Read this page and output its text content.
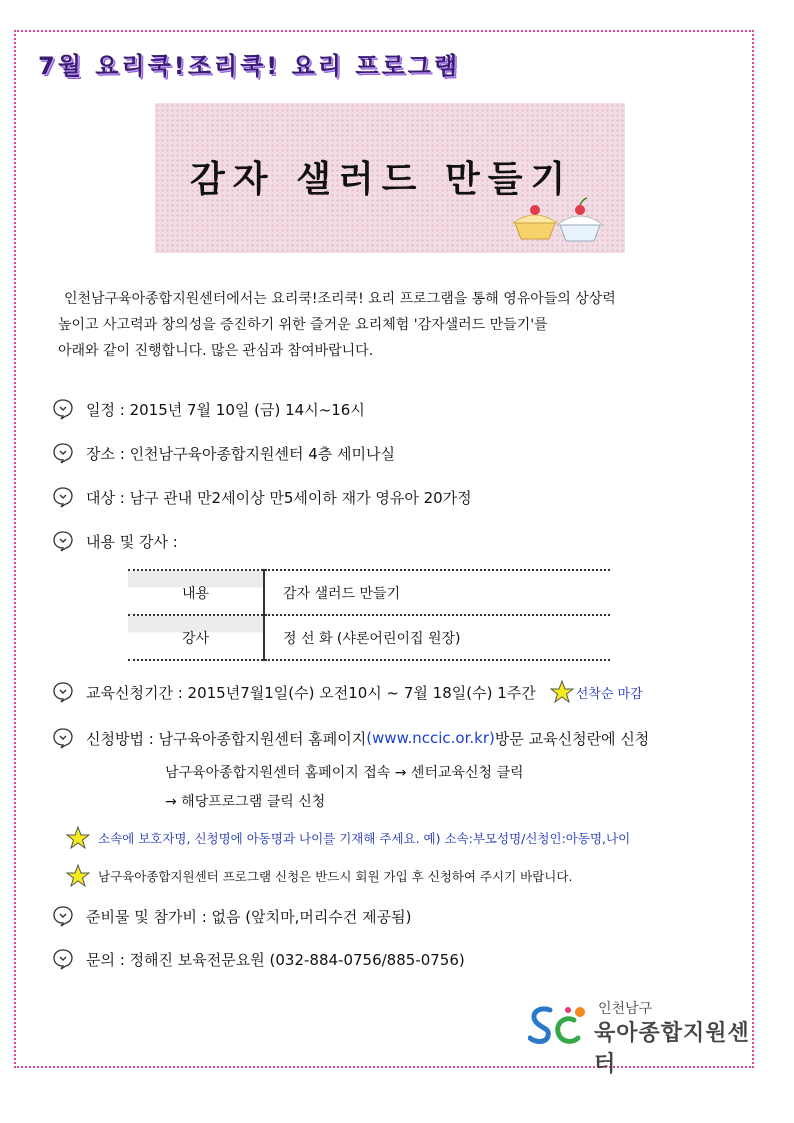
7월 요리쿡!조리쿡! 요리 프로그램
감자 샐러드 만들기

인천남구육아종합지원센터에서는 요리쿡!조리쿡! 요리 프로그램을 통해 영유아들의 상상력

높이고 사고력과 창의성을 증진하기 위한 즐거운 요리체험 '감자샐러드 만들기'를

아래와 같이 진행합니다. 많은 관심과 참여바랍니다.

일정 : 2015년 7월 10일 (금) 14시~16시
장소 : 인천남구육아종합지원센터 4층 세미나실
대상 : 남구 관내 만2세이상 만5세이하 재가 영유아 20가정
내용 및 강사 :
내용	감자 샐러드 만들기
강사	정 선 화 (샤론어린이집 원장)
교육신청기간 : 2015년7월1일(수) 오전10시 ~ 7월 18일(수) 1주간	선착순 마감
신청방법 : 남구육아종합지원센터 홈페이지 (www.nccic.or.kr) 방문 교육신청란에 신청
남구육아종합지원센터 홈페이지 접속 → 센터교육신청 클릭
→ 해당프로그램 클릭 신청
소속에 보호자명, 신청명에 아동명과 나이를 기재해 주세요. 예) 소속:부모성명/신청인:아동명,나이
남구육아종합지원센터 프로그램 신청은 반드시 회원 가입 후 신청하여 주시기 바랍니다.
준비물 및 참가비 : 없음 (앞치마,머리수건 제공됨)
문의 : 정해진 보육전문요원 (032-884-0756/885-0756)
인천남구
육아종합지원센터
